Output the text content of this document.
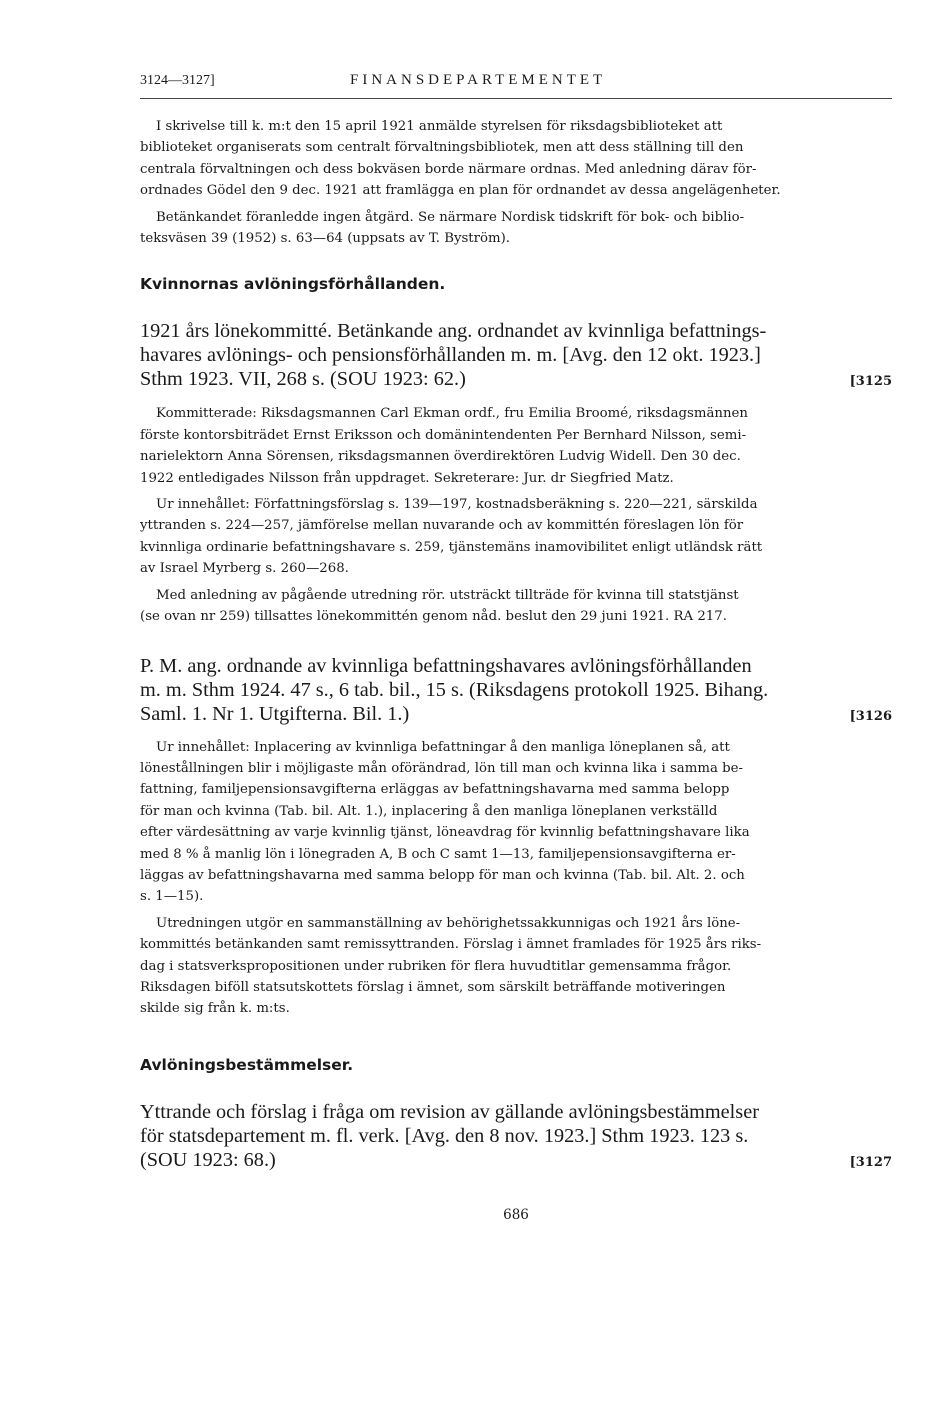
3124—3127]	FINANSDEPARTEMENTET
I skrivelse till k. m:t den 15 april 1921 anmälde styrelsen för riksdagsbiblioteket att
biblioteket organiserats som centralt förvaltningsbibliotek, men att dess ställning till den
centrala förvaltningen och dess bokväsen borde närmare ordnas. Med anledning därav för-
ordnades Gödel den 9 dec. 1921 att framlägga en plan för ordnandet av dessa angelägenheter.
Betänkandet föranledde ingen åtgärd. Se närmare Nordisk tidskrift för bok- och biblio-
teksväsen 39 (1952) s. 63—64 (uppsats av T. Byström).
Kvinnornas avlöningsförhållanden.
1921 års lönekommitté. Betänkande ang. ordnandet av kvinnliga befattnings-
havares avlönings- och pensionsförhållanden m. m. [Avg. den 12 okt. 1923.]
Sthm 1923. VII, 268 s. (SOU 1923: 62.)	[3125
Kommitterade: Riksdagsmannen Carl Ekman ordf., fru Emilia Broomé, riksdagsmännen
förste kontorsbiträdet Ernst Eriksson och domänintendenten Per Bernhard Nilsson, semi-
narielektorn Anna Sörensen, riksdagsmannen överdirektören Ludvig Widell. Den 30 dec.
1922 entledigades Nilsson från uppdraget. Sekreterare: Jur. dr Siegfried Matz.
Ur innehållet: Författningsförslag s. 139—197, kostnadsberäkning s. 220—221, särskilda
yttranden s. 224—257, jämförelse mellan nuvarande och av kommittén föreslagen lön för
kvinnliga ordinarie befattningshavare s. 259, tjänstemäns inamovibilitet enligt utländsk rätt
av Israel Myrberg s. 260—268.
Med anledning av pågående utredning rör. utsträckt tillträde för kvinna till statstjänst
(se ovan nr 259) tillsattes lönekommittén genom nåd. beslut den 29 juni 1921. RA 217.
P. M. ang. ordnande av kvinnliga befattningshavares avlöningsförhållanden
m. m. Sthm 1924. 47 s., 6 tab. bil., 15 s. (Riksdagens protokoll 1925. Bihang.
Saml. 1. Nr 1. Utgifterna. Bil. 1.)	[3126
Ur innehållet: Inplacering av kvinnliga befattningar å den manliga löneplanen så, att
lönestållningen blir i möjligaste mån oförändrad, lön till man och kvinna lika i samma be-
fattning, familjepensionsavgifterna erläggas av befattningshavarna med samma belopp
för man och kvinna (Tab. bil. Alt. 1.), inplacering å den manliga löneplanen verkställd
efter värdesättning av varje kvinnlig tjänst, löneavdrag för kvinnlig befattningshavare lika
med 8 % å manlig lön i lönegraden A, B och C samt 1—13, familjepensionsavgifterna er-
läggas av befattningshavarna med samma belopp för man och kvinna (Tab. bil. Alt. 2. och
s. 1—15).
Utredningen utgör en sammanställning av behörighetssakkunnigas och 1921 års löne-
kommittés betänkanden samt remissyttranden. Förslag i ämnet framlades för 1925 års riks-
dag i statsverkspropositionen under rubriken för flera huvudtitlar gemensamma frågor.
Riksdagen biföll statsutskottets förslag i ämnet, som särskilt beträffande motiveringen
skilde sig från k. m:ts.
Avlöningsbestämmelser.
Yttrande och förslag i fråga om revision av gällande avlöningsbestämmelser
för statsdepartement m. fl. verk. [Avg. den 8 nov. 1923.] Sthm 1923. 123 s.
(SOU 1923: 68.)	[3127
686
